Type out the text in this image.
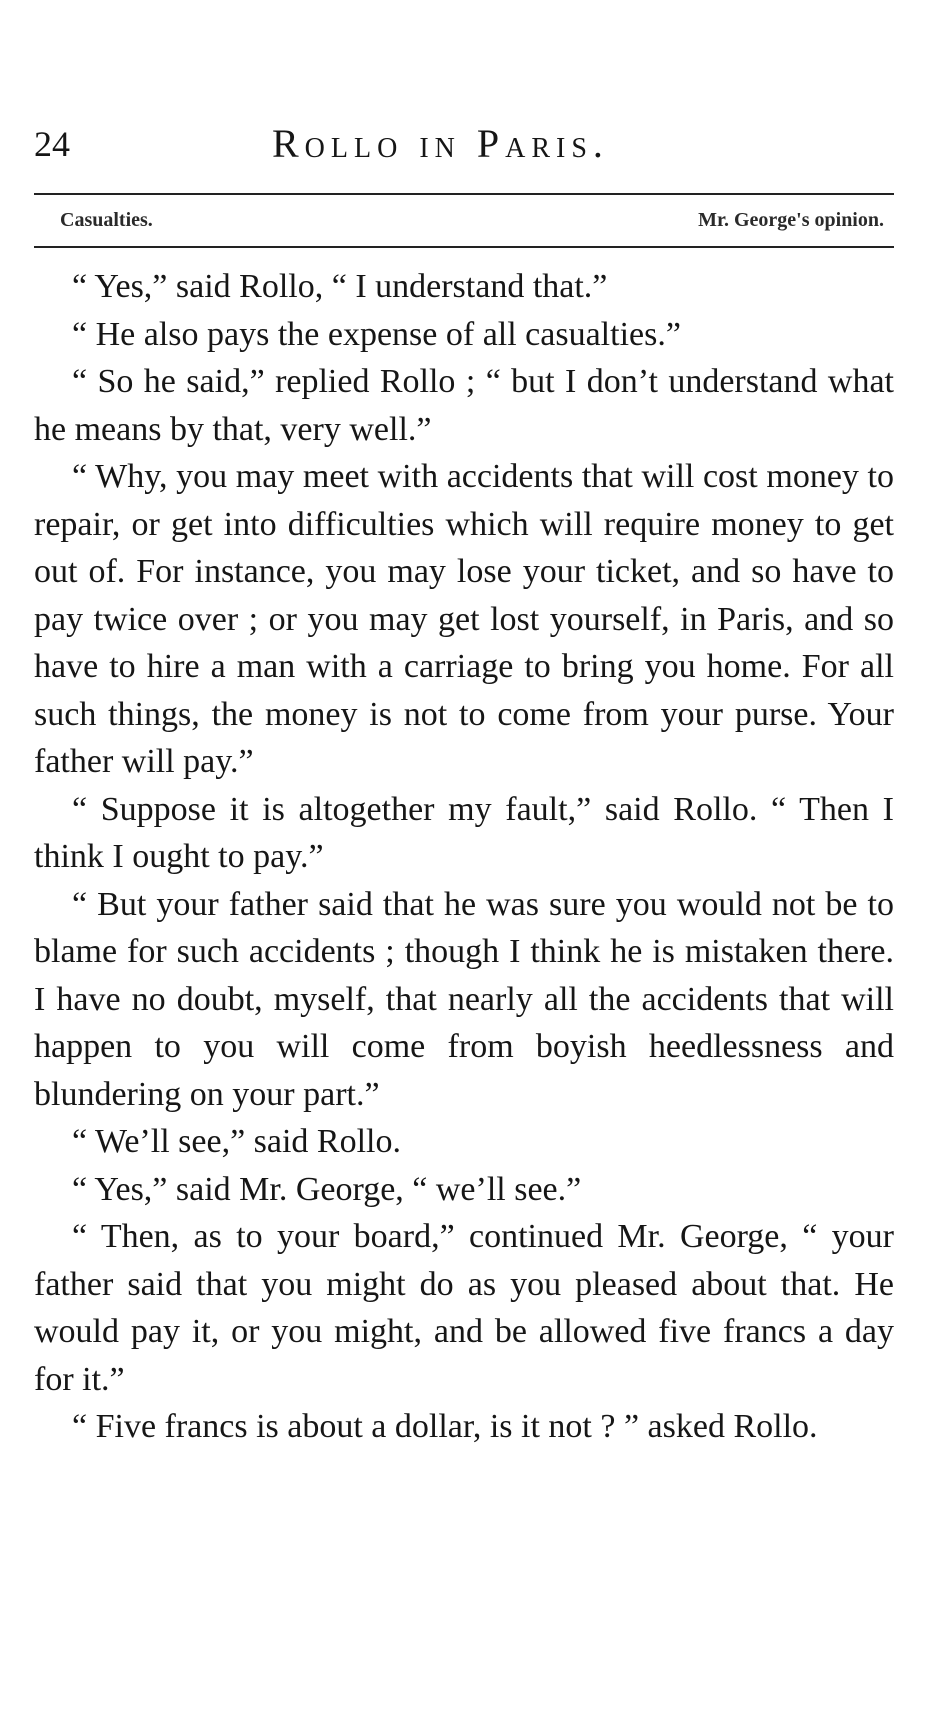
24	Rollo in Paris.
Casualties.	Mr. George's opinion.

“ Yes,” said Rollo, “ I understand that.”

“ He also pays the expense of all casualties.”

“ So he said,” replied Rollo ; “ but I don’t understand what he means by that, very well.”

“ Why, you may meet with accidents that will cost money to repair, or get into difficulties which will require money to get out of. For instance, you may lose your ticket, and so have to pay twice over ; or you may get lost yourself, in Paris, and so have to hire a man with a carriage to bring you home. For all such things, the money is not to come from your purse. Your father will pay.”

“ Suppose it is altogether my fault,” said Rollo. “ Then I think I ought to pay.”

“ But your father said that he was sure you would not be to blame for such accidents ; though I think he is mistaken there. I have no doubt, myself, that nearly all the accidents that will happen to you will come from boyish heedlessness and blundering on your part.”

“ We’ll see,” said Rollo.

“ Yes,” said Mr. George, “ we’ll see.”

“ Then, as to your board,” continued Mr. George, “ your father said that you might do as you pleased about that. He would pay it, or you might, and be allowed five francs a day for it.”

“ Five francs is about a dollar, is it not ? ” asked Rollo.
